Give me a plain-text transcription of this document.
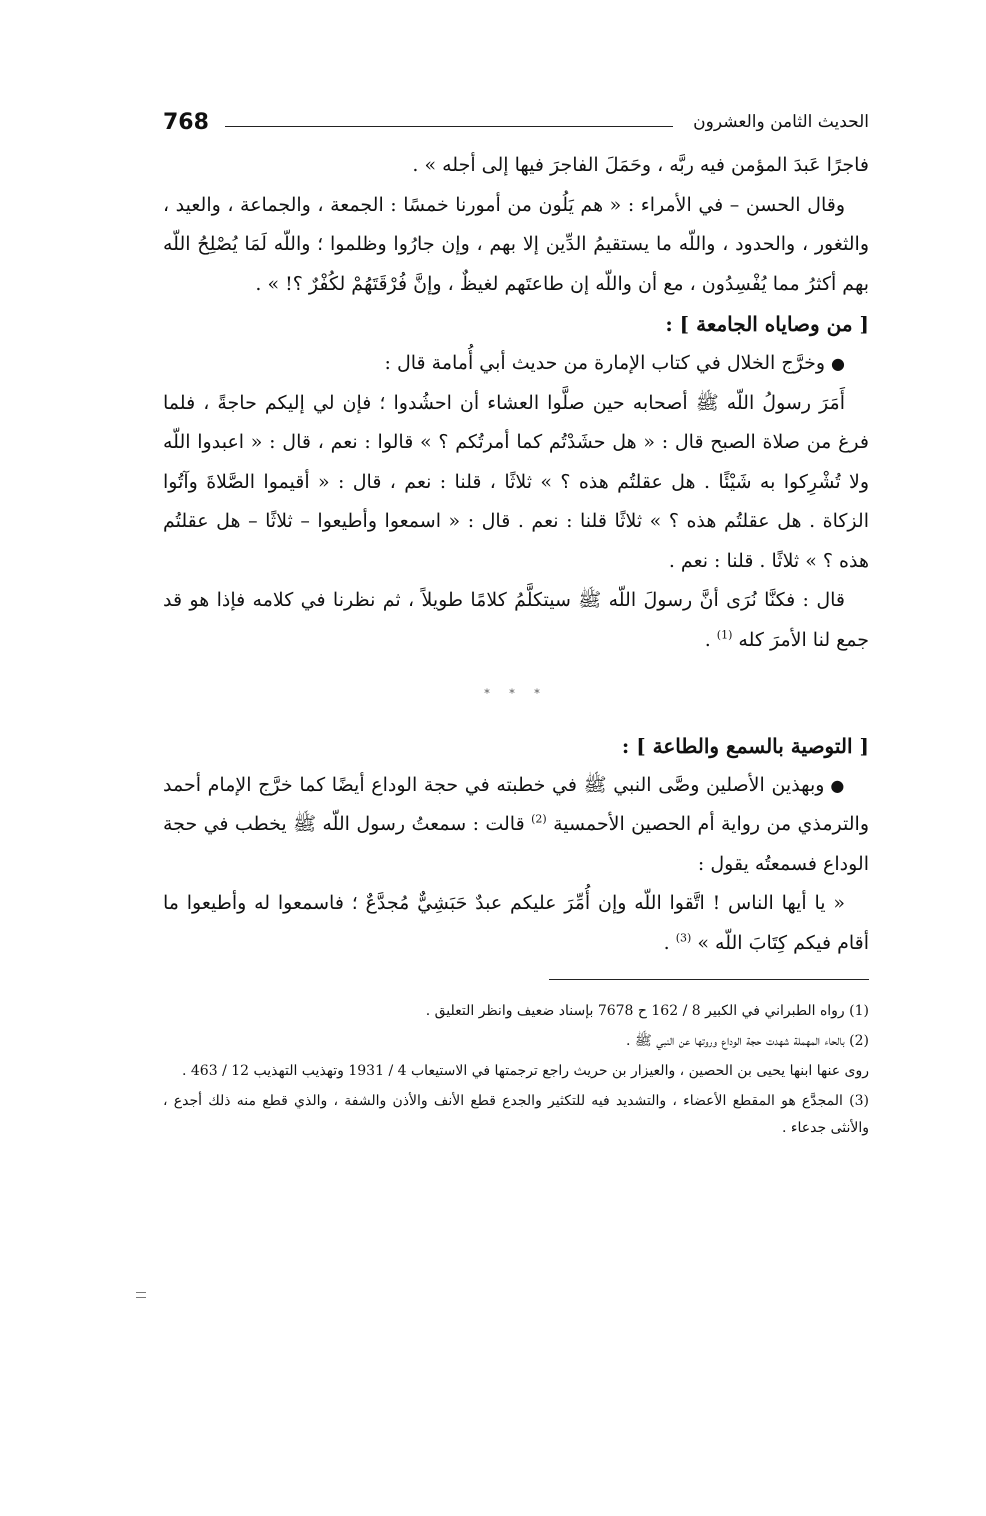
768	الحديث الثامن والعشرون

فاجرًا عَبدَ المؤمن فيه ربَّه ، وحَمَلَ الفاجرَ فيها إلى أجله » .

وقال الحسن – في الأمراء : « هم يَلُون من أمورنا خمسًا : الجمعة ، والجماعة ، والعيد ، والثغور ، والحدود ، واللّه ما يستقيمُ الدِّين إلا بهم ، وإن جارُوا وظلموا ؛ واللّه لَمَا يُصْلِحُ اللّه بهم أكثرُ مما يُفْسِدُون ، مع أن واللّه إن طاعتَهم لغيظٌ ، وإنَّ فُرْقَتَهُمْ لكُفْرٌ ؟! » .

[ من وصاياه الجامعة ] :

●وخرَّج الخلال في كتاب الإمارة من حديث أبي أُمامة قال :

أَمَرَ رسولُ اللّه ﷺ أصحابه حين صلَّوا العشاء أن احشُدوا ؛ فإن لي إليكم حاجةً ، فلما فرغ من صلاة الصبح قال : « هل حشَدْتُم كما أمرتُكم ؟ » قالوا : نعم ، قال : « اعبدوا اللّه ولا تُشْرِكوا به شَيْئًا . هل عقلتُم هذه ؟ » ثلاثًا ، قلنا : نعم ، قال : « أقيموا الصَّلاةَ وآتُوا الزكاة . هل عقلتُم هذه ؟ » ثلاثًا قلنا : نعم . قال : « اسمعوا وأطيعوا – ثلاثًا – هل عقلتُم هذه ؟ » ثلاثًا . قلنا : نعم .

قال : فكنَّا نُرَى أنَّ رسولَ اللّه ﷺ سيتكلَّمُ كلامًا طويلاً ، ثم نظرنا في كلامه فإذا هو قد جمع لنا الأمرَ كله $^{(1)}$ .

* * *

[ التوصية بالسمع والطاعة ] :

●وبهذين الأصلين وصَّى النبي ﷺ في خطبته في حجة الوداع أيضًا كما خرَّج الإمام أحمد والترمذي من رواية أم الحصين الأحمسية $^{(2)}$ قالت : سمعتُ رسول اللّه ﷺ يخطب في حجة الوداع فسمعتُه يقول :

« يا أيها الناس ! اتَّقوا اللّه وإن أُمِّرَ عليكم عبدٌ حَبَشِيٌّ مُجدَّعٌ ؛ فاسمعوا له وأطيعوا ما أقام فيكم كِتَابَ اللّه » $^{(3)}$ .

(1) رواه الطبراني في الكبير 8 / 162 ح 7678 بإسناد ضعيف وانظر التعليق .

(2) بالحاء المهملة شهدت حجة الوداع وروتها عن النبي ﷺ .

روى عنها ابنها يحيى بن الحصين ، والعيزار بن حريث راجع ترجمتها في الاستيعاب 4 / 1931 وتهذيب التهذيب 12 / 463 .

(3) المجدَّع هو المقطع الأعضاء ، والتشديد فيه للتكثير والجدع قطع الأنف والأذن والشفة ، والذي قطع منه ذلك أجدع ، والأنثى جدعاء .
